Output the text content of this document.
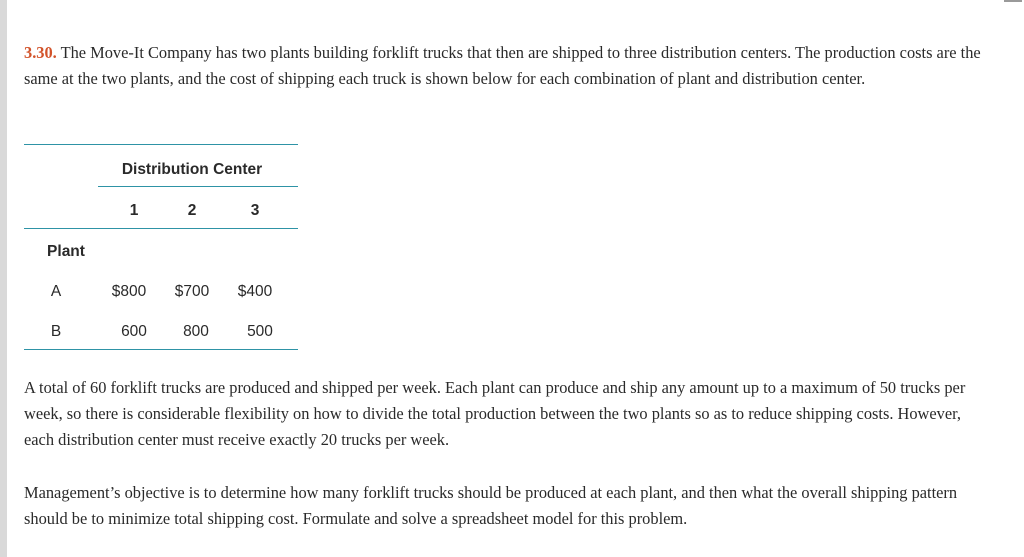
3.30. The Move-It Company has two plants building forklift trucks that then are shipped to three distribution centers. The production costs are the same at the two plants, and the cost of shipping each truck is shown below for each combination of plant and distribution center.

Distribution Center
1	2	3
Plant
A	$800 $700 $400
B	600 800 500

A total of 60 forklift trucks are produced and shipped per week. Each plant can produce and ship any amount up to a maximum of 50 trucks per week, so there is considerable flexibility on how to divide the total production between the two plants so as to reduce shipping costs. However, each distribution center must receive exactly 20 trucks per week.

Management’s objective is to determine how many forklift trucks should be produced at each plant, and then what the overall shipping pattern should be to minimize total shipping cost. Formulate and solve a spreadsheet model for this problem.
